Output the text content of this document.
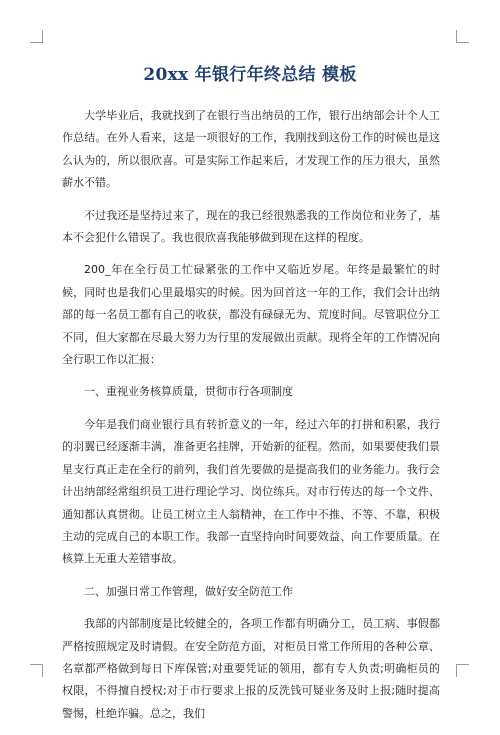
20xx 年银行年终总结 模板

大学毕业后，我就找到了在银行当出纳员的工作，银行出纳部会计个人工作总结。在外人看来，这是一项很好的工作，我刚找到这份工作的时候也是这么认为的，所以很欣喜。可是实际工作起来后，才发现工作的压力很大，虽然薪水不错。

不过我还是坚持过来了，现在的我已经很熟悉我的工作岗位和业务了，基本不会犯什么错误了。我也很欣喜我能够做到现在这样的程度。

200_年在全行员工忙碌紧张的工作中又临近岁尾。年终是最繁忙的时候，同时也是我们心里最塌实的时候。因为回首这一年的工作，我们会计出纳部的每一名员工都有自己的收获，都没有碌碌无为、荒度时间。尽管职位分工不同，但大家都在尽最大努力为行里的发展做出贡献。现将全年的工作情况向全行职工作以汇报：

一、重视业务核算质量，贯彻市行各项制度

今年是我们商业银行具有转折意义的一年，经过六年的打拼和积累，我行的羽翼已经逐渐丰满，准备更名挂牌，开始新的征程。然而，如果要使我们景星支行真正走在全行的前列，我们首先要做的是提高我们的业务能力。我行会计出纳部经常组织员工进行理论学习、岗位练兵。对市行传达的每一个文件、通知都认真贯彻。让员工树立主人翁精神，在工作中不推、不等、不靠，积极主动的完成自己的本职工作。我部一直坚持向时间要效益、向工作要质量。在核算上无重大差错事故。

二、加强日常工作管理，做好安全防范工作

我部的内部制度是比较健全的，各项工作都有明确分工，员工病、事假都严格按照规定及时请假。在安全防范方面，对柜员日常工作所用的各种公章、名章都严格做到每日下库保管;对重要凭证的领用，都有专人负责;明确柜员的权限，不得擅自授权;对于市行要求上报的反洗钱可疑业务及时上报;随时提高警惕，杜绝诈骗。总之，我们
